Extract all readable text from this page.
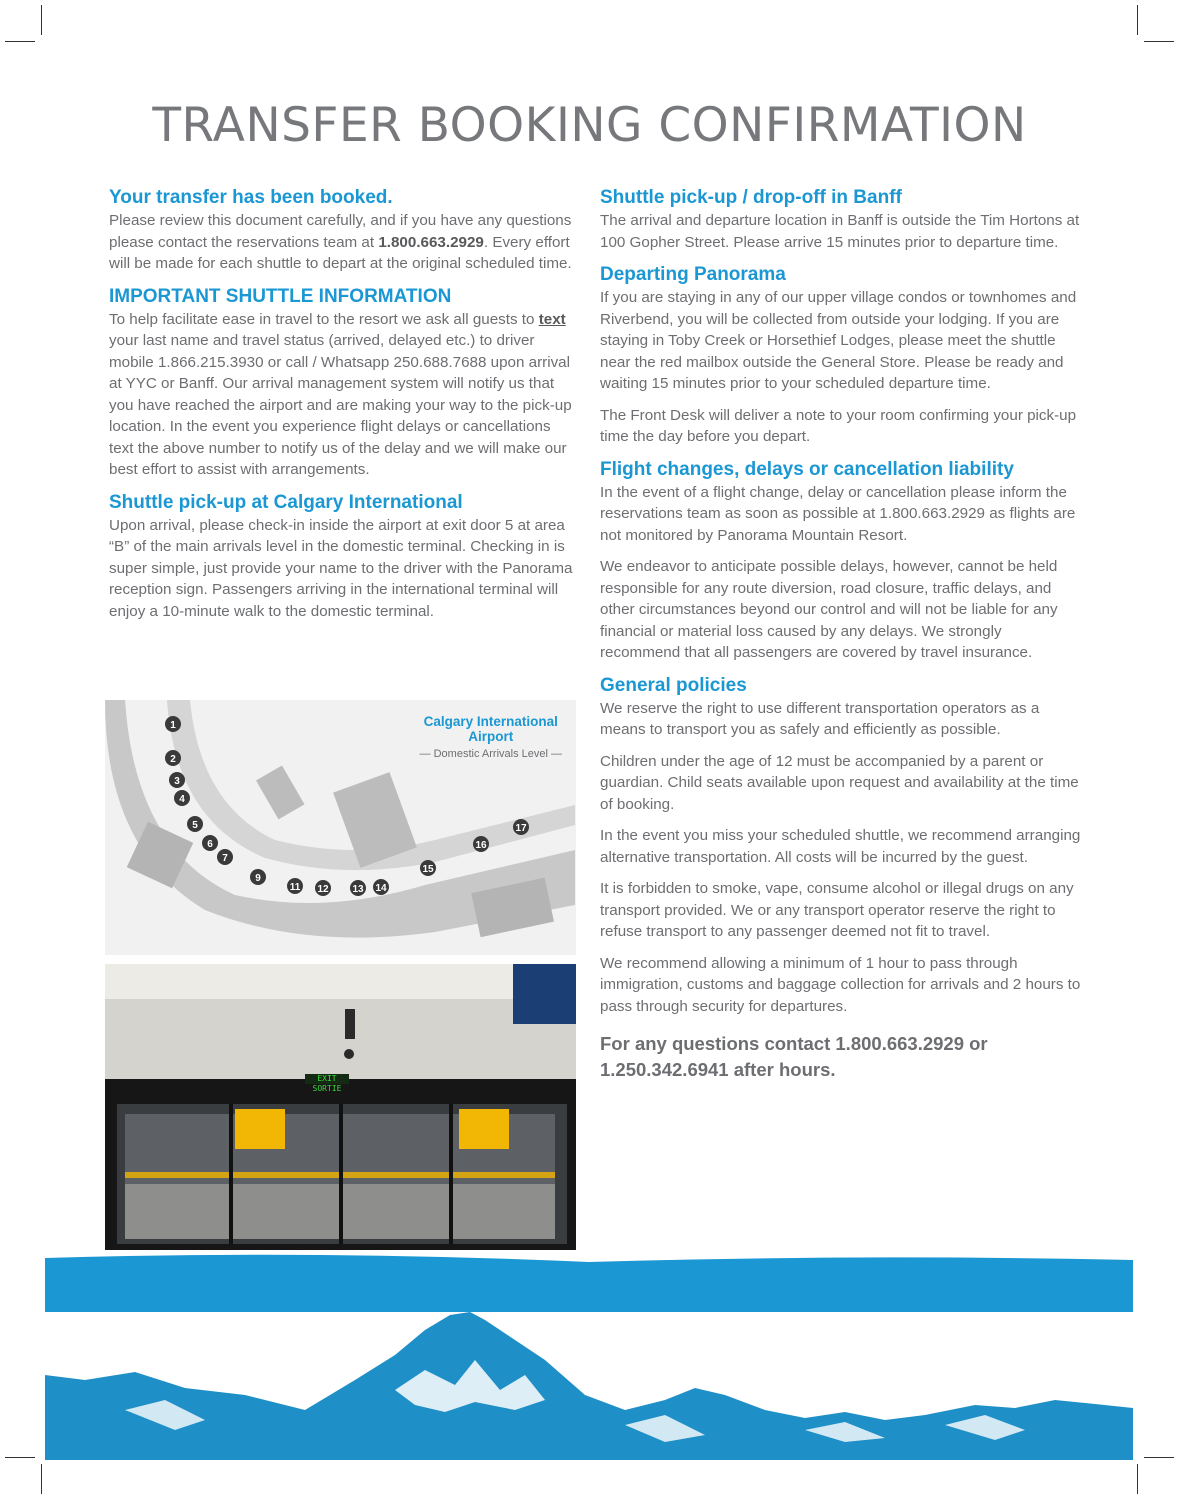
TRANSFER BOOKING CONFIRMATION
Your transfer has been booked.

Please review this document carefully, and if you have any questions please contact the reservations team at 1.800.663.2929. Every effort will be made for each shuttle to depart at the original scheduled time.

IMPORTANT SHUTTLE INFORMATION

To help facilitate ease in travel to the resort we ask all guests to text your last name and travel status (arrived, delayed etc.) to driver mobile 1.866.215.3930 or call / Whatsapp 250.688.7688 upon arrival at YYC or Banff. Our arrival management system will notify us that you have reached the airport and are making your way to the pick-up location. In the event you experience flight delays or cancellations text the above number to notify us of the delay and we will make our best effort to assist with arrangements.

Shuttle pick-up at Calgary International

Upon arrival, please check-in inside the airport at exit door 5 at area “B” of the main arrivals level in the domestic terminal. Checking in is super simple, just provide your name to the driver with the Panorama reception sign. Passengers arriving in the international terminal will enjoy a 10-minute walk to the domestic terminal.

Calgary International
Airport
— Domestic Arrivals Level —
1
2
3
4
5
6
7
9
11 12 13 14
15
16
17
EXIT SORTIE
Shuttle pick-up / drop-off in Banff

The arrival and departure location in Banff is outside the Tim Hortons at 100 Gopher Street. Please arrive 15 minutes prior to departure time.

Departing Panorama

If you are staying in any of our upper village condos or townhomes and Riverbend, you will be collected from outside your lodging. If you are staying in Toby Creek or Horsethief Lodges, please meet the shuttle near the red mailbox outside the General Store. Please be ready and waiting 15 minutes prior to your scheduled departure time.

The Front Desk will deliver a note to your room confirming your pick-up time the day before you depart.

Flight changes, delays or cancellation liability

In the event of a flight change, delay or cancellation please inform the reservations team as soon as possible at 1.800.663.2929 as flights are not monitored by Panorama Mountain Resort.

We endeavor to anticipate possible delays, however, cannot be held responsible for any route diversion, road closure, traffic delays, and other circumstances beyond our control and will not be liable for any financial or material loss caused by any delays. We strongly recommend that all passengers are covered by travel insurance.

General policies

We reserve the right to use different transportation operators as a means to transport you as safely and efficiently as possible.

Children under the age of 12 must be accompanied by a parent or guardian. Child seats available upon request and availability at the time of booking.

In the event you miss your scheduled shuttle, we recommend arranging alternative transportation. All costs will be incurred by the guest.

It is forbidden to smoke, vape, consume alcohol or illegal drugs on any transport provided. We or any transport operator reserve the right to refuse transport to any passenger deemed not fit to travel.

We recommend allowing a minimum of 1 hour to pass through immigration, customs and baggage collection for arrivals and 2 hours to pass through security for departures.

For any questions contact 1.800.663.2929 or 1.250.342.6941 after hours.
